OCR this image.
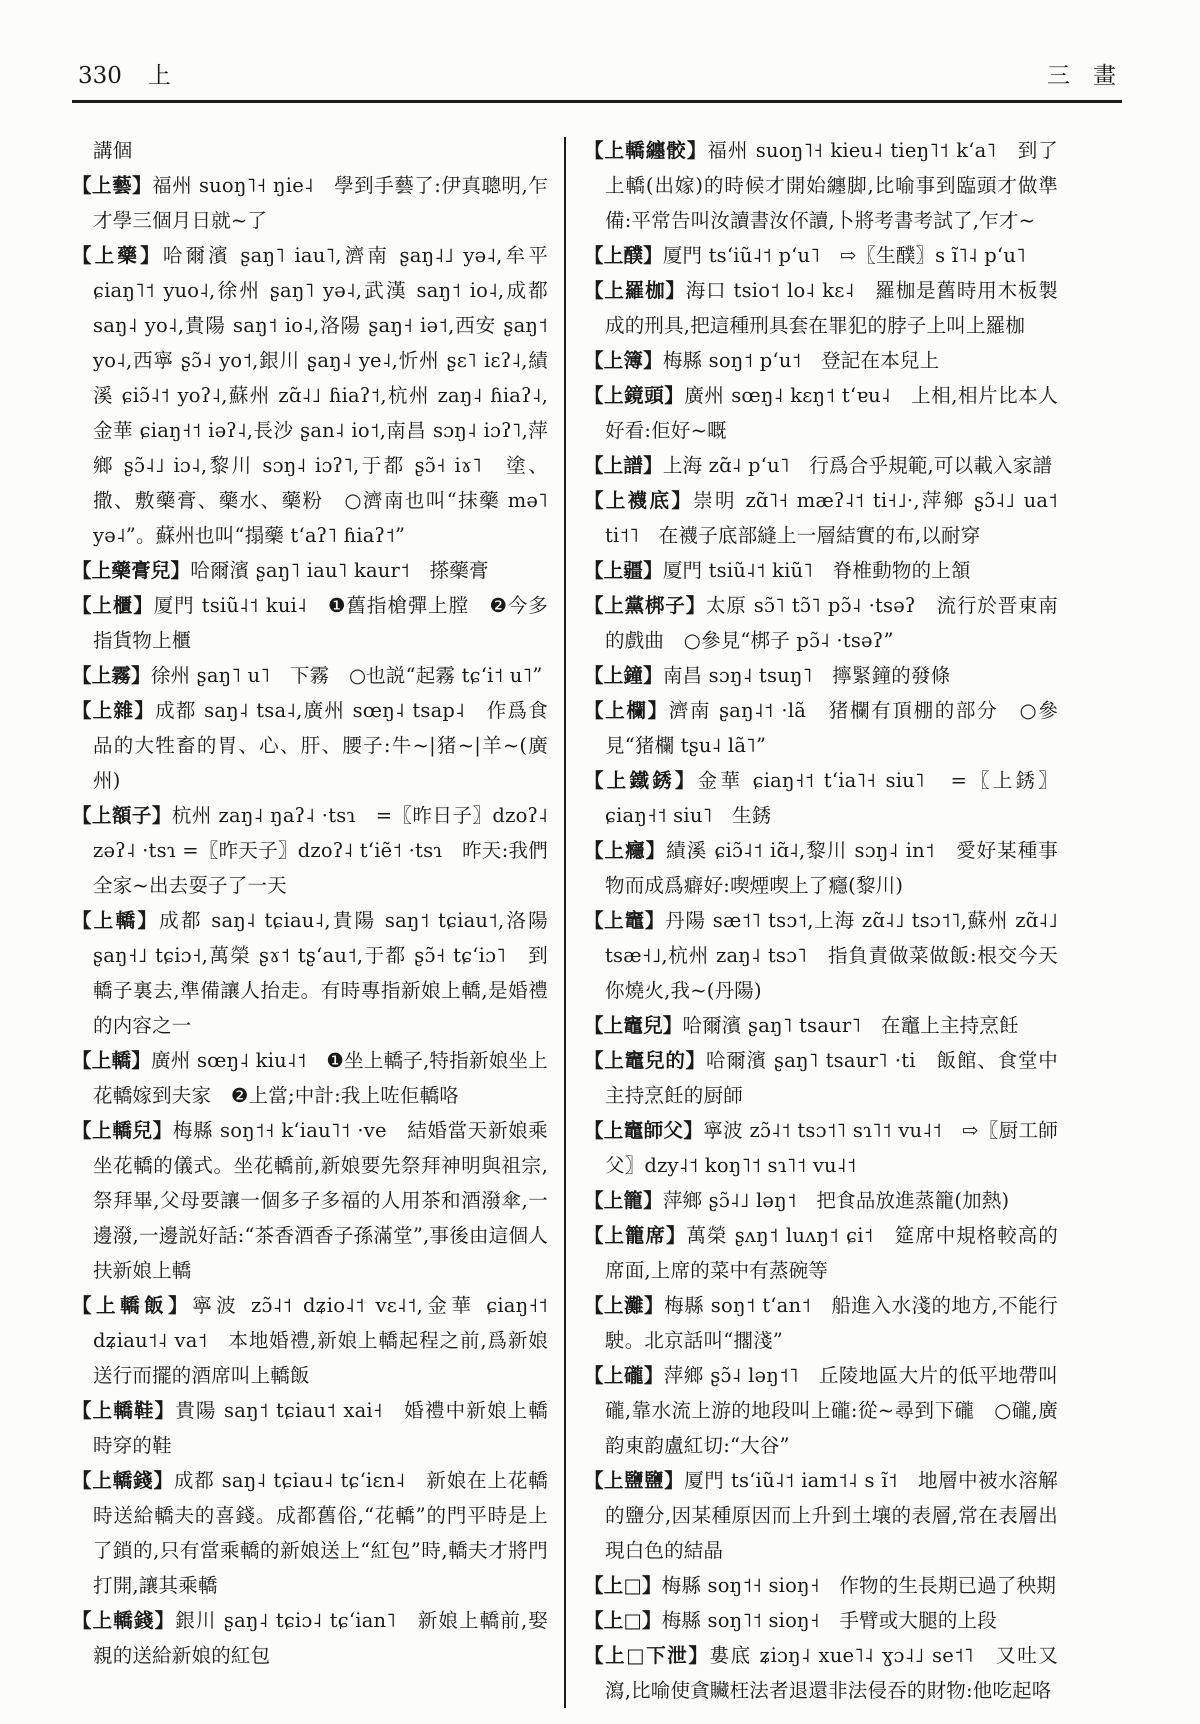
330 上	三　畫

講個

【上藝】福州 suoŋ˥˧ ŋie˨　學到手藝了:伊真聰明,乍才學三個月日就~了

【上藥】哈爾濱 ʂaŋ˥ iau˥,濟南 ʂaŋ˨˩ yə˨,牟平 ɕiaŋ˥˦ yuo˨,徐州 ʂaŋ˥ yə˨,武漢 saŋ˦ io˨,成都 saŋ˨ yo˨,貴陽 saŋ˦ io˨,洛陽 ʂaŋ˧ iə˦,西安 ʂaŋ˦ yo˨,西寧 ʂɔ̃˨ yo˦,銀川 ʂaŋ˨ ye˨,忻州 ʂɛ˥ iɛʔ˨,績溪 ɕiɔ̃˨˦ yoʔ˨,蘇州 zɑ̃˨˩ ɦiaʔ˦,杭州 zaŋ˨ ɦiaʔ˨,金華 ɕiaŋ˧˦ iəʔ˨,長沙 ʂan˨ io˦,南昌 sɔŋ˨ iɔʔ˥,萍鄉 ʂɔ̃˨˩ iɔ˨,黎川 sɔŋ˨ iɔʔ˥,于都 ʂɔ̃˧ iɤ˥　塗、撒、敷藥膏、藥水、藥粉　○濟南也叫“抹藥 mə˥ yə˨”。蘇州也叫“搨藥 tʻaʔ˥ ɦiaʔ˦”

【上藥膏兒】哈爾濱 ʂaŋ˥ iau˥ kaur˦　搽藥膏

【上櫃】厦門 tsiũ˨˦ kui˨　❶舊指槍彈上膛　❷今多指貨物上櫃

【上霧】徐州 ʂaŋ˥ u˥　下霧　○也説“起霧 tɕʻi˦ u˥”

【上雜】成都 saŋ˨ tsa˨,廣州 sœŋ˨ tsap˨　作爲食品的大牲畜的胃、心、肝、腰子:牛~|猪~|羊~(廣州)

【上額子】杭州 zaŋ˨ ŋaʔ˨ ·tsɿ　=〖昨日子〗dzoʔ˨ zəʔ˨ ·tsɿ =〖昨天子〗dzoʔ˨ tʻiẽ˦ ·tsɿ　昨天:我們全家~出去耍子了一天

【上轎】成都 saŋ˨ tɕiau˨,貴陽 saŋ˦ tɕiau˦,洛陽 ʂaŋ˧˩ tɕiɔ˧,萬榮 ʂɤ˦ tʂʻau˦,于都 ʂɔ̃˧ tɕʻiɔ˥　到轎子裏去,準備讓人抬走。有時專指新娘上轎,是婚禮的内容之一

【上轎】廣州 sœŋ˨ kiu˨˦　❶坐上轎子,特指新娘坐上花轎嫁到夫家　❷上當;中計:我上咗佢轎咯

【上轎兒】梅縣 soŋ˦˧ kʻiau˥˦ ·ve　結婚當天新娘乘坐花轎的儀式。坐花轎前,新娘要先祭拜神明與祖宗,祭拜畢,父母要讓一個多子多福的人用茶和酒潑傘,一邊潑,一邊説好話:“茶香酒香子孫滿堂”,事後由這個人扶新娘上轎

【上轎飯】寧波 zɔ̃˨˦ dʑio˨˦ vɛ˨˦,金華 ɕiaŋ˧˦ dʑiau˦˨ va˦　本地婚禮,新娘上轎起程之前,爲新娘送行而擺的酒席叫上轎飯

【上轎鞋】貴陽 saŋ˦ tɕiau˦ xai˧　婚禮中新娘上轎時穿的鞋

【上轎錢】成都 saŋ˨ tɕiau˨ tɕʻiɛn˨　新娘在上花轎時送給轎夫的喜錢。成都舊俗,“花轎”的門平時是上了鎖的,只有當乘轎的新娘送上“紅包”時,轎夫才將門打開,讓其乘轎

【上轎錢】銀川 ʂaŋ˨ tɕiɔ˨ tɕʻian˥　新娘上轎前,娶親的送給新娘的紅包

【上轎纏骹】福州 suoŋ˥˧ kieu˨ tieŋ˥˦ kʻa˥　到了上轎(出嫁)的時候才開始纏脚,比喻事到臨頭才做準備:平常告叫汝讀書汝伓讀,卜將考書考試了,乍才~

【上醭】厦門 tsʻiũ˨˦ pʻu˥　⇨〖生醭〗s ĩ˥˨ pʻu˥

【上羅枷】海口 tsio˦ lo˨ kɛ˨　羅枷是舊時用木板製成的刑具,把這種刑具套在罪犯的脖子上叫上羅枷

【上簿】梅縣 soŋ˦ pʻu˦　登記在本兒上

【上鏡頭】廣州 sœŋ˨ kɛŋ˦ tʻɐu˨　上相,相片比本人好看:佢好~嘅

【上譜】上海 zɑ̃˨ pʻu˥　行爲合乎規範,可以載入家譜

【上襪底】崇明 zɑ̃˥˧ mæʔ˨˦ ti˧˩·,萍鄉 ʂɔ̃˨˩ ua˦ ti˦˥　在襪子底部縫上一層結實的布,以耐穿

【上疆】厦門 tsiũ˨˦ kiũ˥　脊椎動物的上頷

【上黨梆子】太原 sɔ̃˥ tɔ̃˥ pɔ̃˨ ·tsəʔ　流行於晋東南的戲曲　○參見“梆子 pɔ̃˨ ·tsəʔ”

【上鐘】南昌 sɔŋ˨ tsuŋ˥　擰緊鐘的發條

【上欄】濟南 ʂaŋ˨˦ ·lã　猪欄有頂棚的部分　○參見“猪欄 tʂu˨ lã˥”

【上鐵銹】金華 ɕiaŋ˧˦ tʻia˥˧ siu˥　=〖上銹〗ɕiaŋ˧˦ siu˥　生銹

【上癮】績溪 ɕiɔ̃˨˦ iɑ̃˨,黎川 sɔŋ˨ in˦　愛好某種事物而成爲癖好:喫煙喫上了癮(黎川)

【上竈】丹陽 sæ˦˥ tsɔ˦,上海 zɑ̃˨˩ tsɔ˦˥,蘇州 zɑ̃˨˩ tsæ˧˩,杭州 zaŋ˨ tsɔ˥　指負責做菜做飯:根交今天你燒火,我~(丹陽)

【上竈兒】哈爾濱 ʂaŋ˥ tsaur˥　在竈上主持烹飪

【上竈兒的】哈爾濱 ʂaŋ˥ tsaur˥ ·ti　飯館、食堂中主持烹飪的厨師

【上竈師父】寧波 zɔ̃˨˦ tsɔ˦˥ sɿ˥˦ vu˨˦　⇨〖厨工師父〗dzy˨˦ koŋ˥˦ sɿ˥˦ vu˨˦

【上籠】萍鄉 ʂɔ̃˨˩ ləŋ˦　把食品放進蒸籠(加熱)

【上籠席】萬榮 ʂʌŋ˦ luʌŋ˦ ɕi˦　筵席中規格較高的席面,上席的菜中有蒸碗等

【上灘】梅縣 soŋ˦ tʻan˦　船進入水淺的地方,不能行駛。北京話叫“擱淺”

【上礲】萍鄉 ʂɔ̃˨ ləŋ˦˥　丘陵地區大片的低平地帶叫礲,靠水流上游的地段叫上礲:從~尋到下礲　○礲,廣韵東韵盧紅切:“大谷”

【上鹽鹽】厦門 tsʻiũ˨˦ iam˦˨ s ĩ˦　地層中被水溶解的鹽分,因某種原因而上升到土壤的表層,常在表層出現白色的結晶

【上□】梅縣 soŋ˦˧ sioŋ˧　作物的生長期已過了秧期

【上□】梅縣 soŋ˥˦ sioŋ˧　手臂或大腿的上段

【上□下泄】婁底 ʑiɔŋ˨ xue˥˨ ɣɔ˨˩ se˦˥　又吐又瀉,比喻使貪贜枉法者退還非法侵吞的財物:他吃起咯
